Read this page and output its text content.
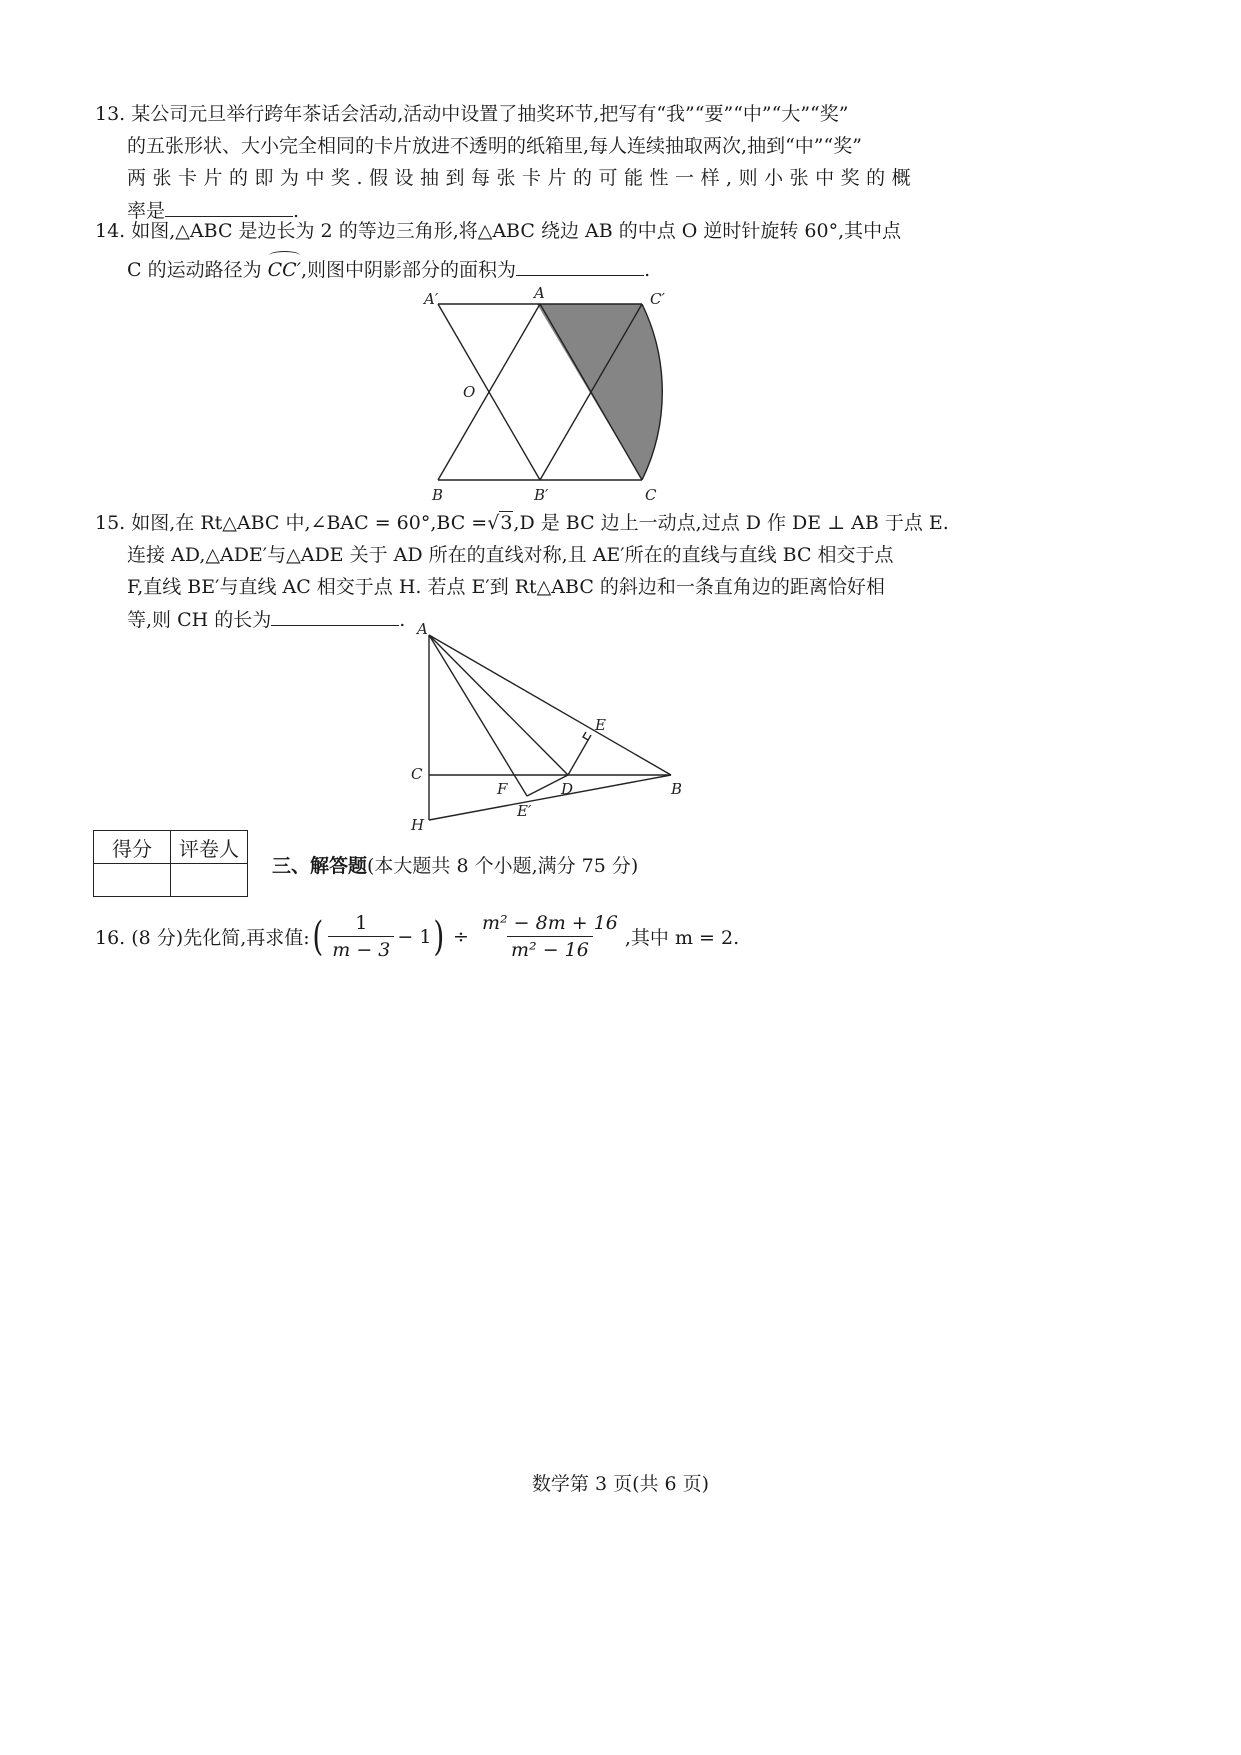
13. 某公司元旦举行跨年茶话会活动,活动中设置了抽奖环节,把写有“我”“要”“中”“大”“奖”

的五张形状、大小完全相同的卡片放进不透明的纸箱里,每人连续抽取两次,抽到“中”“奖”

两张卡片的即为中奖.假设抽到每张卡片的可能性一样,则小张中奖的概

率是	.

14. 如图,△ABC 是边长为 2 的等边三角形,将△ABC 绕边 AB 的中点 O 逆时针旋转 60°,其中点

C 的运动路径为 CC′,则图中阴影部分的面积为	.

A′	A	C′
O
B	B′	C

15. 如图,在 Rt△ABC 中,∠BAC = 60°,BC =√3,D 是 BC 边上一动点,过点 D 作 DE ⊥ AB 于点 E.

连接 AD,△ADE′与△ADE 关于 AD 所在的直线对称,且 AE′所在的直线与直线 BC 相交于点

F,直线 BE′与直线 AC 相交于点 H. 若点 E′到 Rt△ABC 的斜边和一条直角边的距离恰好相

等,则 CH 的长为	. A
E
C
F	D	B
E′
H
得分	评卷人

三、解答题(本大题共 8 个小题,满分 75 分)
16. (8 分)先化简,再求值: ( $\frac{1}{m - 3} - 1$ ) ÷ $\frac{\text{m² − 8m + 16}}{\text{m² − 16}}$ ,其中 m = 2.
数学第 3 页(共 6 页)
